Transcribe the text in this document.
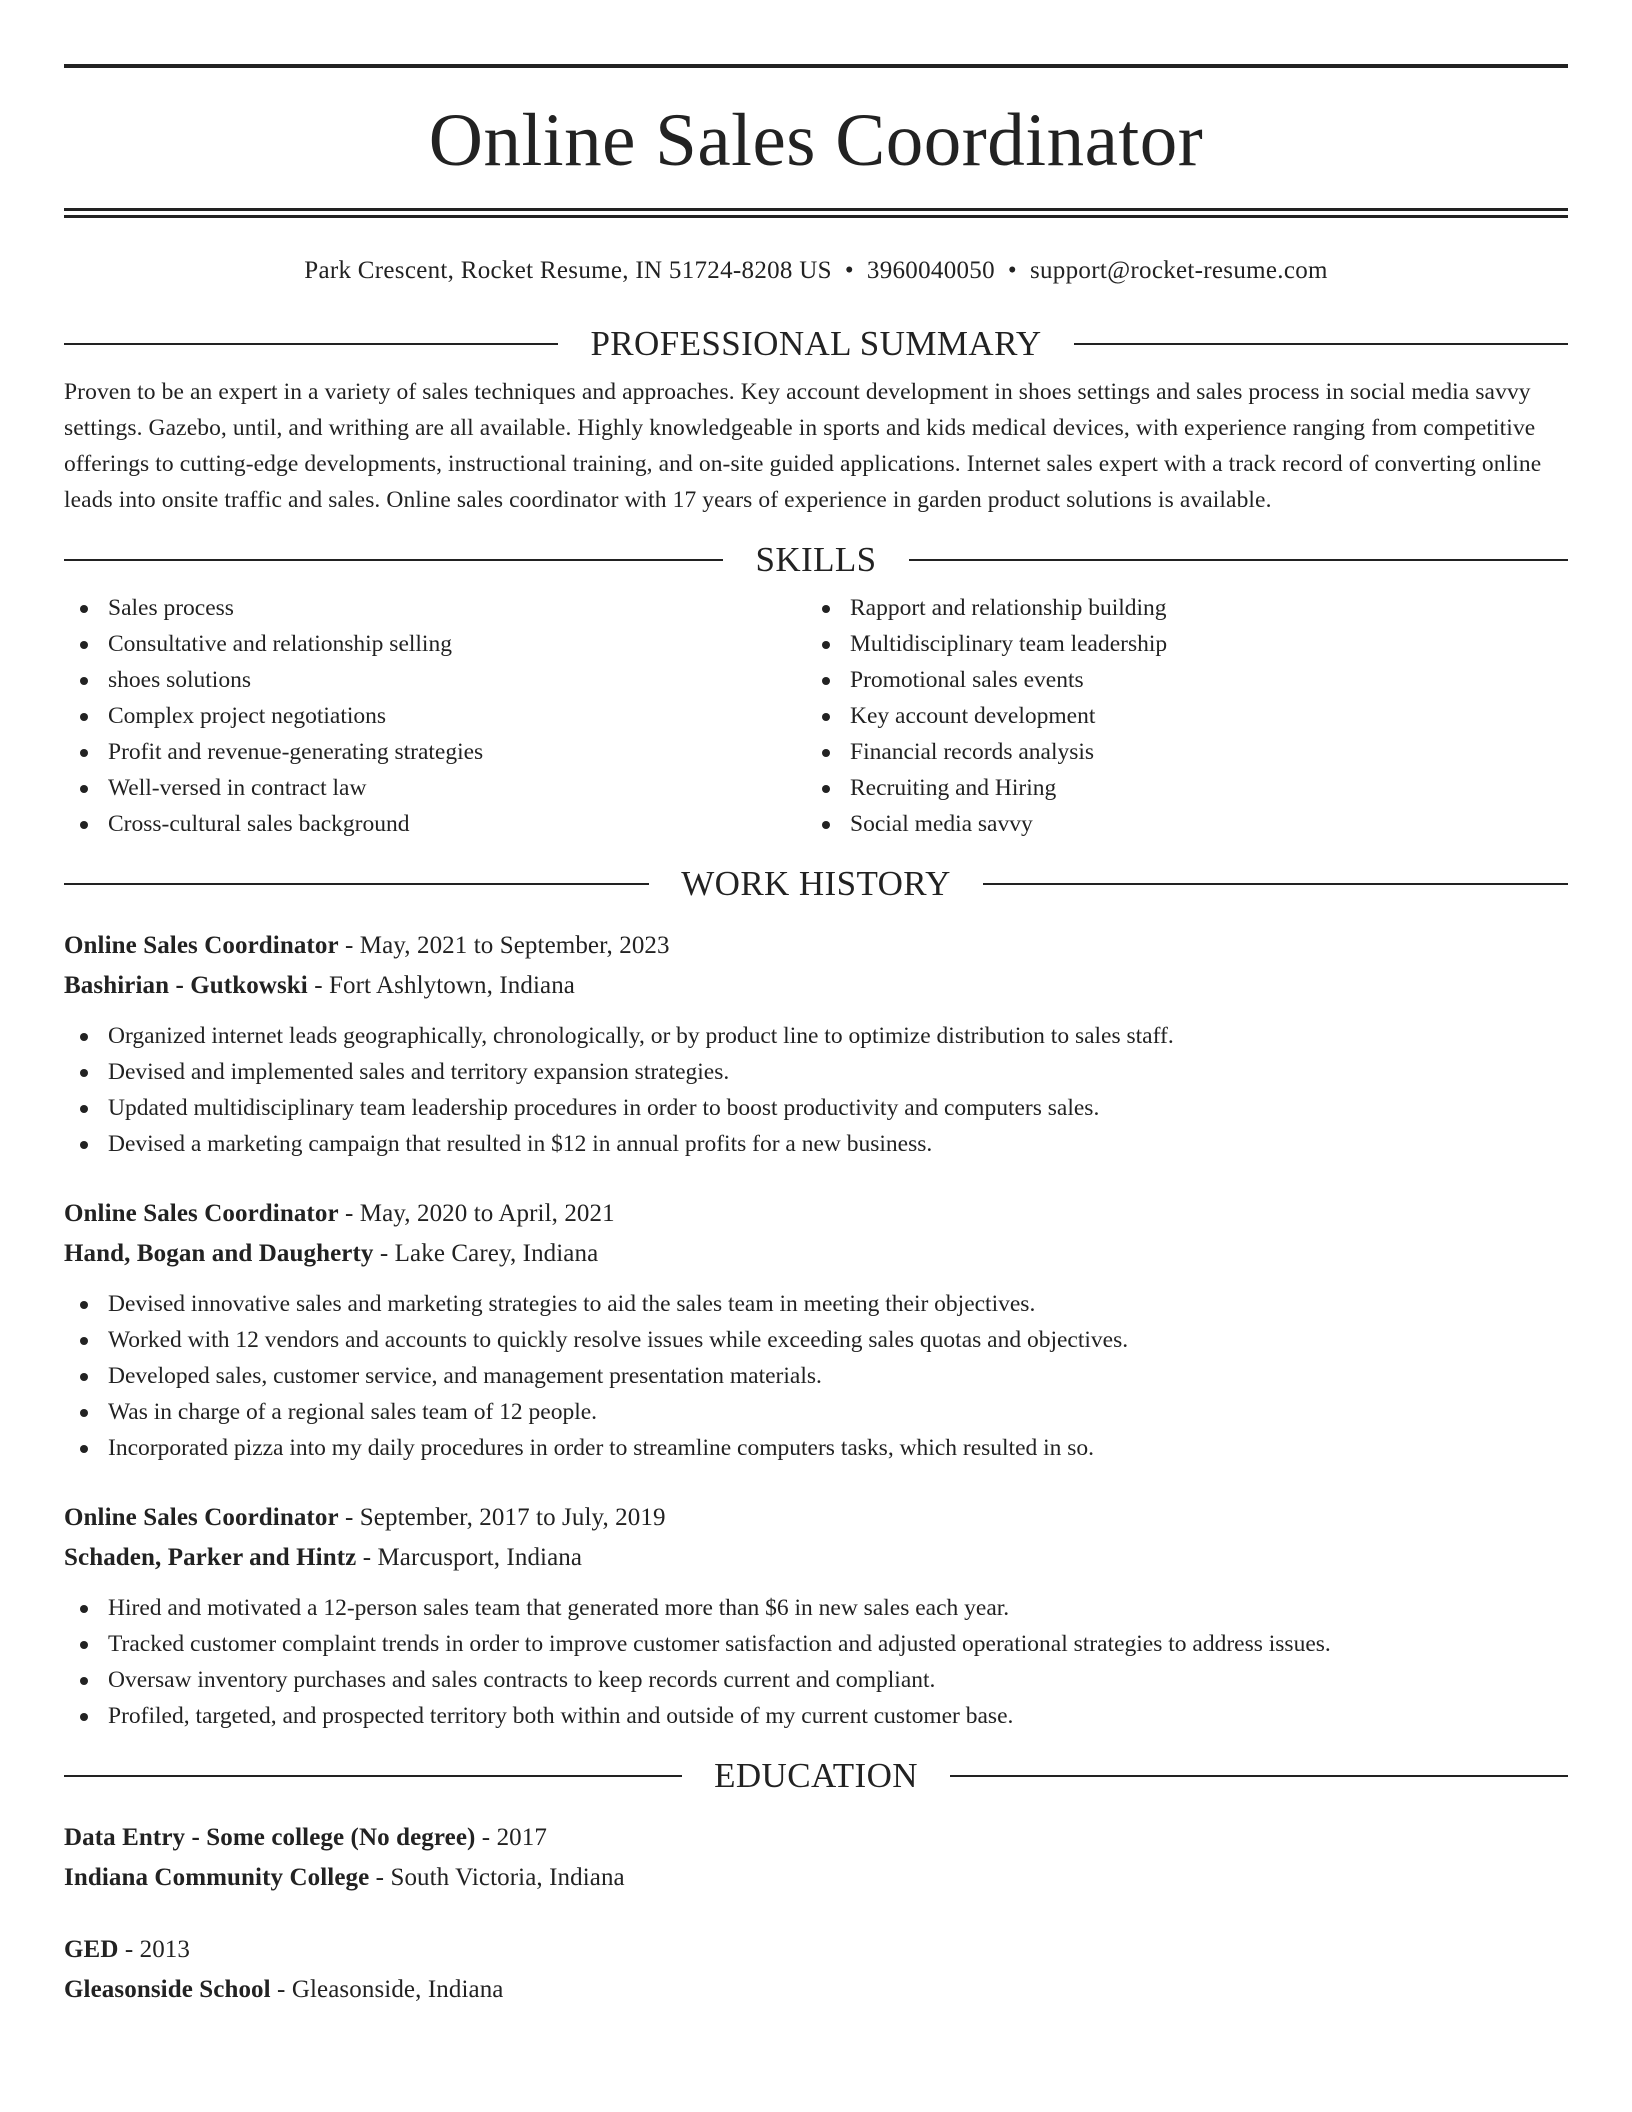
Online Sales Coordinator
Park Crescent, Rocket Resume, IN 51724-8208 US • 3960040050 • support@rocket-resume.com
PROFESSIONAL SUMMARY
Proven to be an expert in a variety of sales techniques and approaches. Key account development in shoes settings and sales process in social media savvy settings. Gazebo, until, and writhing are all available. Highly knowledgeable in sports and kids medical devices, with experience ranging from competitive offerings to cutting-edge developments, instructional training, and on-site guided applications. Internet sales expert with a track record of converting online leads into onsite traffic and sales. Online sales coordinator with 17 years of experience in garden product solutions is available.
SKILLS
Sales process
Consultative and relationship selling
shoes solutions
Complex project negotiations
Profit and revenue-generating strategies
Well-versed in contract law
Cross-cultural sales background
Rapport and relationship building
Multidisciplinary team leadership
Promotional sales events
Key account development
Financial records analysis
Recruiting and Hiring
Social media savvy
WORK HISTORY
Online Sales Coordinator - May, 2021 to September, 2023
Bashirian - Gutkowski - Fort Ashlytown, Indiana
Organized internet leads geographically, chronologically, or by product line to optimize distribution to sales staff.
Devised and implemented sales and territory expansion strategies.
Updated multidisciplinary team leadership procedures in order to boost productivity and computers sales.
Devised a marketing campaign that resulted in $12 in annual profits for a new business.
Online Sales Coordinator - May, 2020 to April, 2021
Hand, Bogan and Daugherty - Lake Carey, Indiana
Devised innovative sales and marketing strategies to aid the sales team in meeting their objectives.
Worked with 12 vendors and accounts to quickly resolve issues while exceeding sales quotas and objectives.
Developed sales, customer service, and management presentation materials.
Was in charge of a regional sales team of 12 people.
Incorporated pizza into my daily procedures in order to streamline computers tasks, which resulted in so.
Online Sales Coordinator - September, 2017 to July, 2019
Schaden, Parker and Hintz - Marcusport, Indiana
Hired and motivated a 12-person sales team that generated more than $6 in new sales each year.
Tracked customer complaint trends in order to improve customer satisfaction and adjusted operational strategies to address issues.
Oversaw inventory purchases and sales contracts to keep records current and compliant.
Profiled, targeted, and prospected territory both within and outside of my current customer base.
EDUCATION
Data Entry - Some college (No degree) - 2017
Indiana Community College - South Victoria, Indiana
GED - 2013
Gleasonside School - Gleasonside, Indiana
